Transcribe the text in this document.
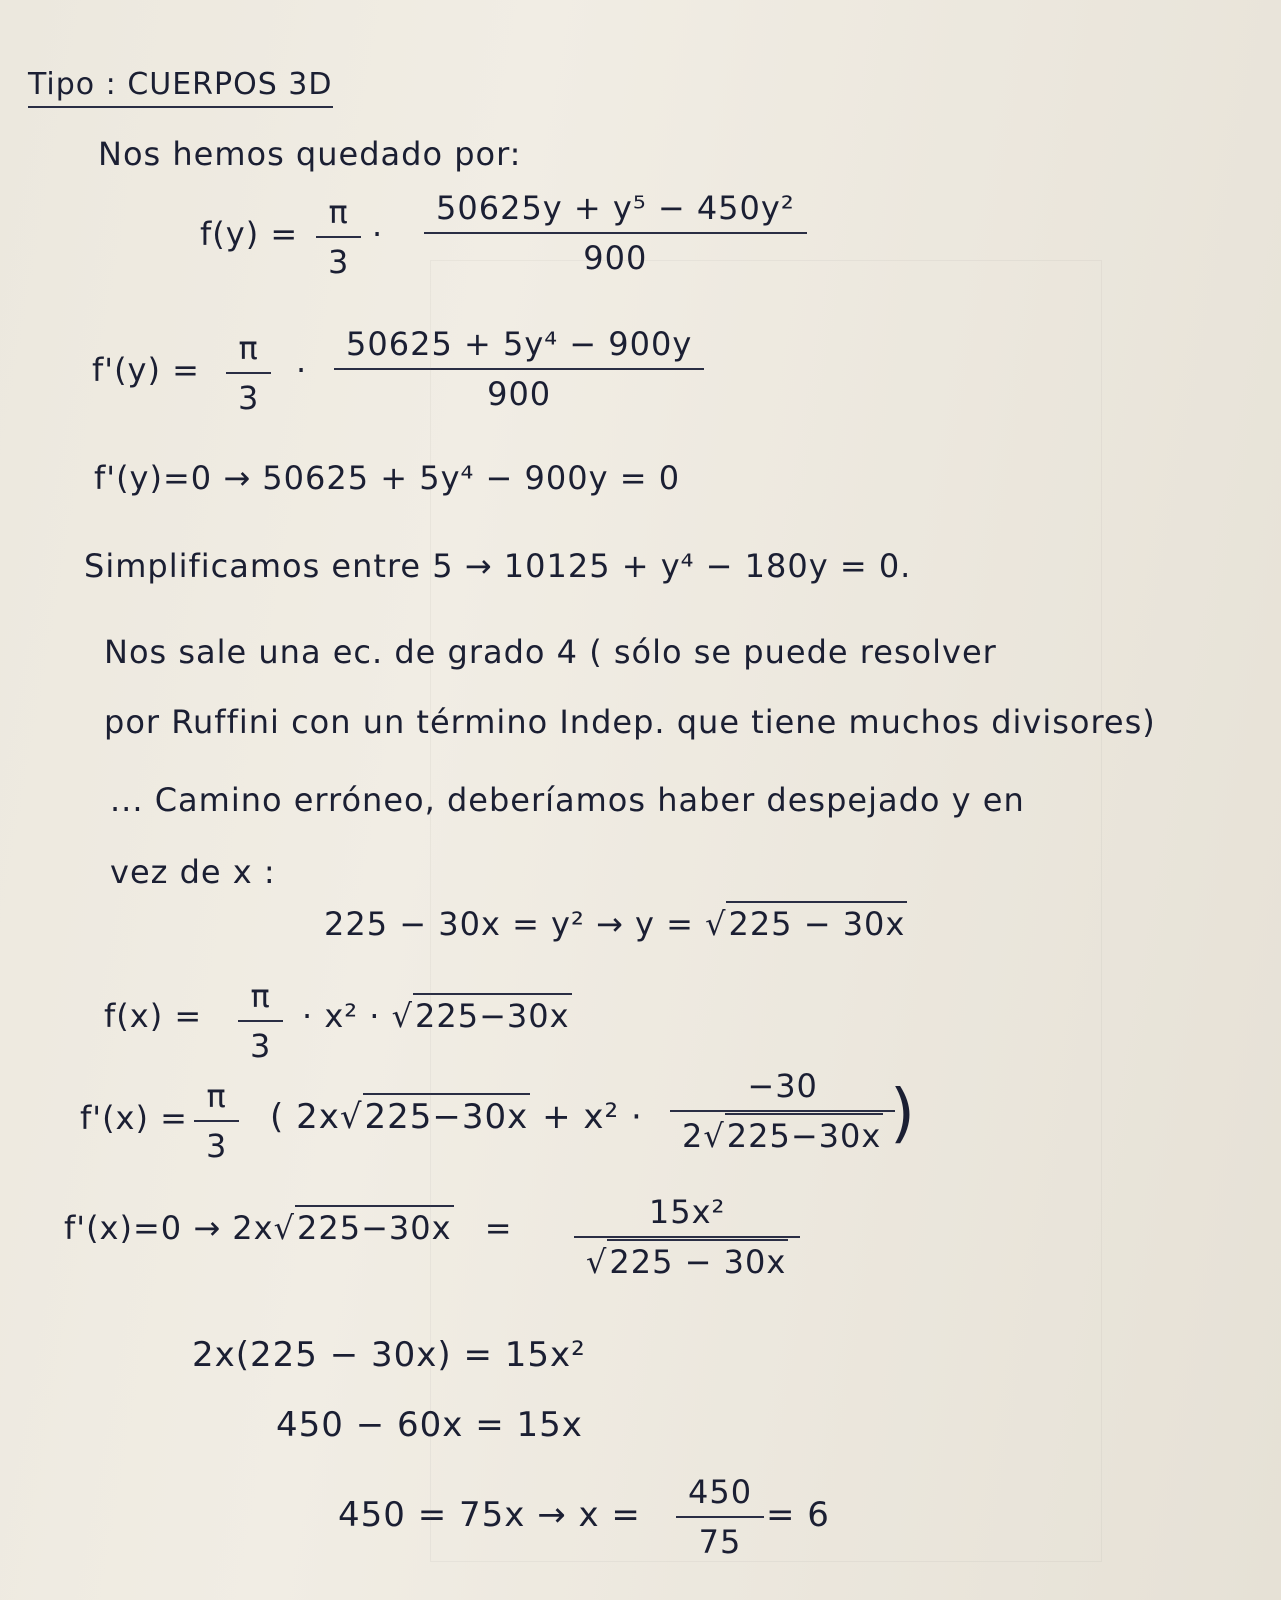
Tipo : CUERPOS 3D
Nos hemos quedado por:
$f(y) = \frac{\pi}{3} \cdot \frac{\text{50625y + y⁵ − 450y²}}{900}$
$f'(y) = \frac{\pi}{3} \cdot \frac{\text{50625 + 5y⁴ − 900y}}{900}$
f'(y)=0 → 50625 + 5y⁴ − 900y = 0
Simplificamos entre 5 → 10125 + y⁴ − 180y = 0.
Nos sale una ec. de grado 4 ( sólo se puede resolver
por Ruffini con un término Indep. que tiene muchos divisores)
... Camino erróneo, deberíamos haber despejado y en
vez de x :
225 − 30x = y² → y = √225 − 30x
$f(x) = \frac{\pi}{3} \cdot x^2 \cdot √225-30x$
$f'(x) = \frac{\pi}{3}$ ( $2x√225-30x + x^2 \cdot \frac{-30}{2√225-30x}$ )
$f'(x)=0 \to 2x√225-30x = \frac{\text{15x²}}{√225 - 30x}$
2x(225 − 30x) = 15x²
450 − 60x = 15x
$450 = 75x \to x = \frac{450}{75} = 6$
